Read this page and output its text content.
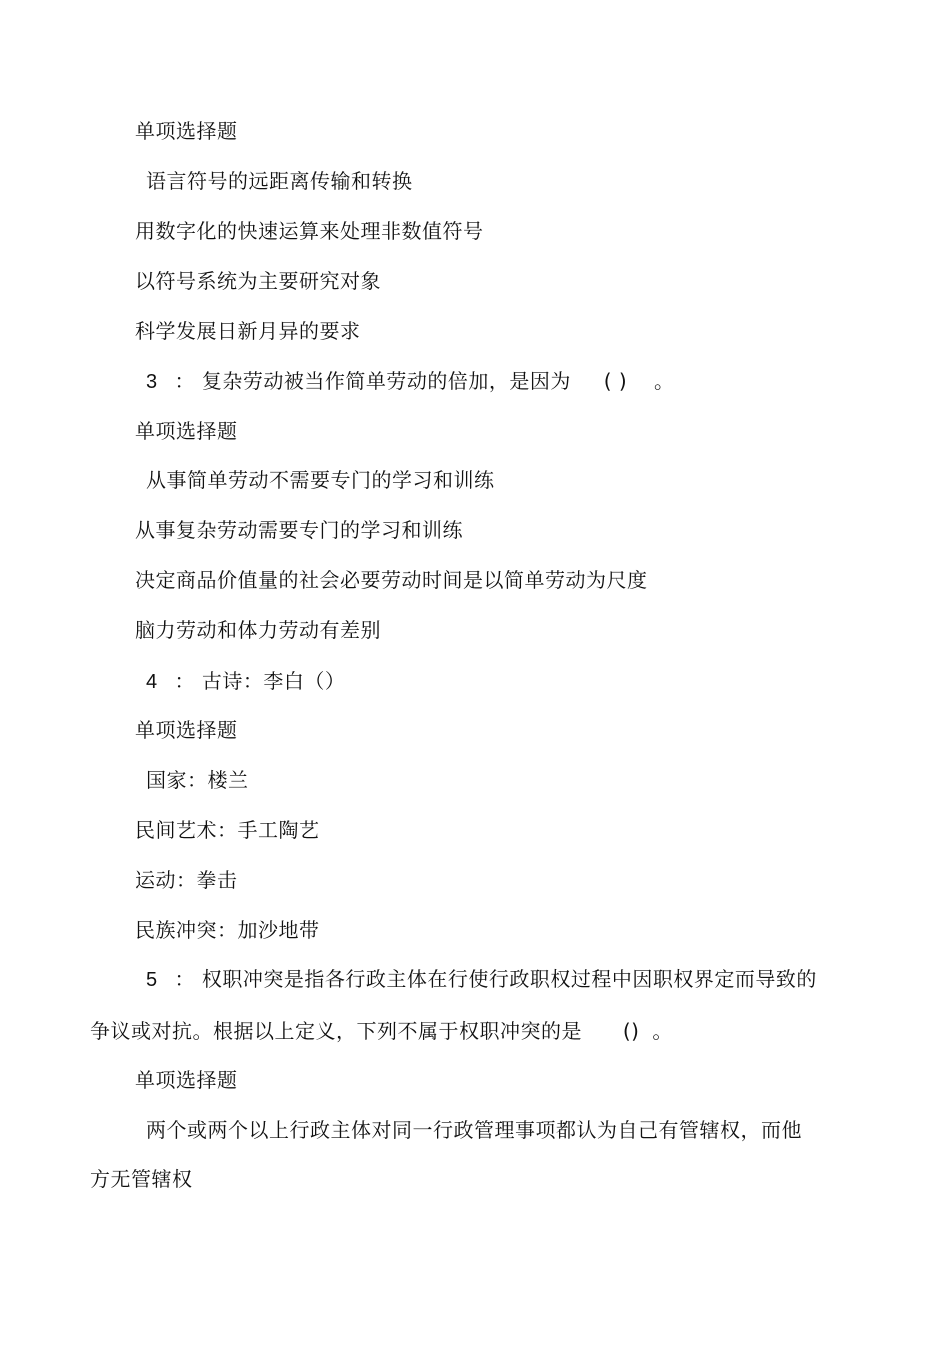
单项选择题
语言符号的远距离传输和转换
用数字化的快速运算来处理非数值符号
以符号系统为主要研究对象
科学发展日新月异的要求
3 ： 复杂劳动被当作简单劳动的倍加，是因为 ( ) 。
单项选择题
从事简单劳动不需要专门的学习和训练
从事复杂劳动需要专门的学习和训练
决定商品价值量的社会必要劳动时间是以简单劳动为尺度
脑力劳动和体力劳动有差别
4 ： 古诗：李白（）
单项选择题
国家：楼兰
民间艺术：手工陶艺
运动：拳击
民族冲突：加沙地带
5 ： 权职冲突是指各行政主体在行使行政职权过程中因职权界定而导致的
争议或对抗。根据以上定义，下列不属于权职冲突的是 () 。
单项选择题
两个或两个以上行政主体对同一行政管理事项都认为自己有管辖权，而他
方无管辖权
